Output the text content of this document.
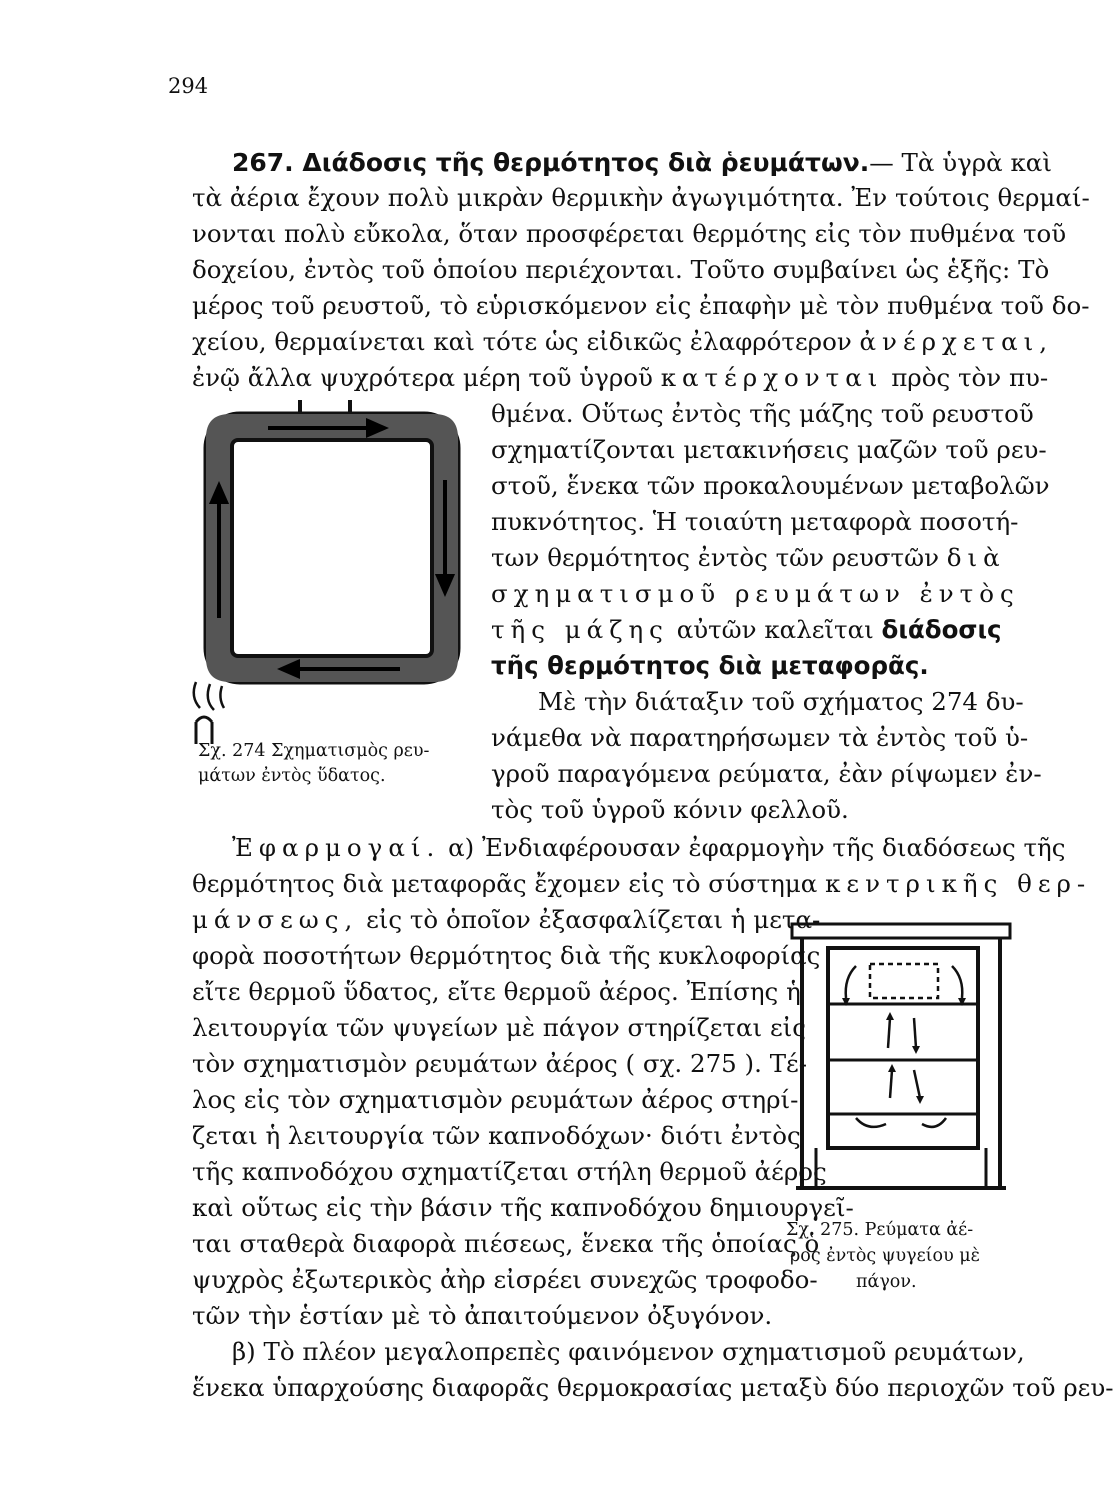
294
267. Διάδοσις τῆς θερμότητος διὰ ῥευμάτων.— Τὰ ὑγρὰ καὶ
τὰ ἀέρια ἔχουν πολὺ μικρὰν θερμικὴν ἀγωγιμότητα. Ἐν τούτοις θερμαί-
νονται πολὺ εὔκολα, ὅταν προσφέρεται θερμότης εἰς τὸν πυθμένα τοῦ
δοχείου, ἐντὸς τοῦ ὁποίου περιέχονται. Τοῦτο συμβαίνει ὡς ἑξῆς: Τὸ
μέρος τοῦ ρευστοῦ, τὸ εὑρισκόμενον εἰς ἐπαφὴν μὲ τὸν πυθμένα τοῦ δο-
χείου, θερμαίνεται καὶ τότε ὡς εἰδικῶς ἐλαφρότερον ἀνέρχεται,
ἐνῷ ἄλλα ψυχρότερα μέρη τοῦ ὑγροῦ κατέρχονται πρὸς τὸν πυ-
θμένα. Οὕτως ἐντὸς τῆς μάζης τοῦ ρευστοῦ
σχηματίζονται μετακινήσεις μαζῶν τοῦ ρευ-
στοῦ, ἕνεκα τῶν προκαλουμένων μεταβολῶν
πυκνότητος. Ἡ τοιαύτη μεταφορὰ ποσοτή-
των θερμότητος ἐντὸς τῶν ρευστῶν διὰ
σχηματισμοῦ ρευμάτων ἐντὸς
τῆς μάζης αὐτῶν καλεῖται διάδοσις
τῆς θερμότητος διὰ μεταφορᾶς.
Μὲ τὴν διάταξιν τοῦ σχήματος 274 δυ-
νάμεθα νὰ παρατηρήσωμεν τὰ ἐντὸς τοῦ ὑ-
γροῦ παραγόμενα ρεύματα, ἐὰν ρίψωμεν ἐν-
τὸς τοῦ ὑγροῦ κόνιν φελλοῦ.
Σχ. 274 Σχηματισμὸς ρευ-
μάτων ἐντὸς ὕδατος.
Ἐφαρμογαί. α) Ἐνδιαφέρουσαν ἐφαρμογὴν τῆς διαδόσεως τῆς
θερμότητος διὰ μεταφορᾶς ἔχομεν εἰς τὸ σύστημα κεντρικῆς θερ-
μάνσεως, εἰς τὸ ὁποῖον ἐξασφαλίζεται ἡ μετα-
φορὰ ποσοτήτων θερμότητος διὰ τῆς κυκλοφορίας
εἴτε θερμοῦ ὕδατος, εἴτε θερμοῦ ἀέρος. Ἐπίσης ἡ
λειτουργία τῶν ψυγείων μὲ πάγον στηρίζεται εἰς
τὸν σχηματισμὸν ρευμάτων ἀέρος ( σχ. 275 ). Τέ-
λος εἰς τὸν σχηματισμὸν ρευμάτων ἀέρος στηρί-
ζεται ἡ λειτουργία τῶν καπνοδόχων· διότι ἐντὸς
τῆς καπνοδόχου σχηματίζεται στήλη θερμοῦ ἀέρος
καὶ οὕτως εἰς τὴν βάσιν τῆς καπνοδόχου δημιουργεῖ-
ται σταθερὰ διαφορὰ πιέσεως, ἕνεκα τῆς ὁποίας ὁ
ψυχρὸς ἐξωτερικὸς ἀὴρ εἰσρέει συνεχῶς τροφοδο-
τῶν τὴν ἑστίαν μὲ τὸ ἀπαιτούμενον ὀξυγόνον.
β) Τὸ πλέον μεγαλοπρεπὲς φαινόμενον σχηματισμοῦ ρευμάτων,
ἕνεκα ὑπαρχούσης διαφορᾶς θερμοκρασίας μεταξὺ δύο περιοχῶν τοῦ ρευ-
Σχ. 275. Ρεύματα ἀέ-
ρος ἐντὸς ψυγείου μὲ
πάγον.
